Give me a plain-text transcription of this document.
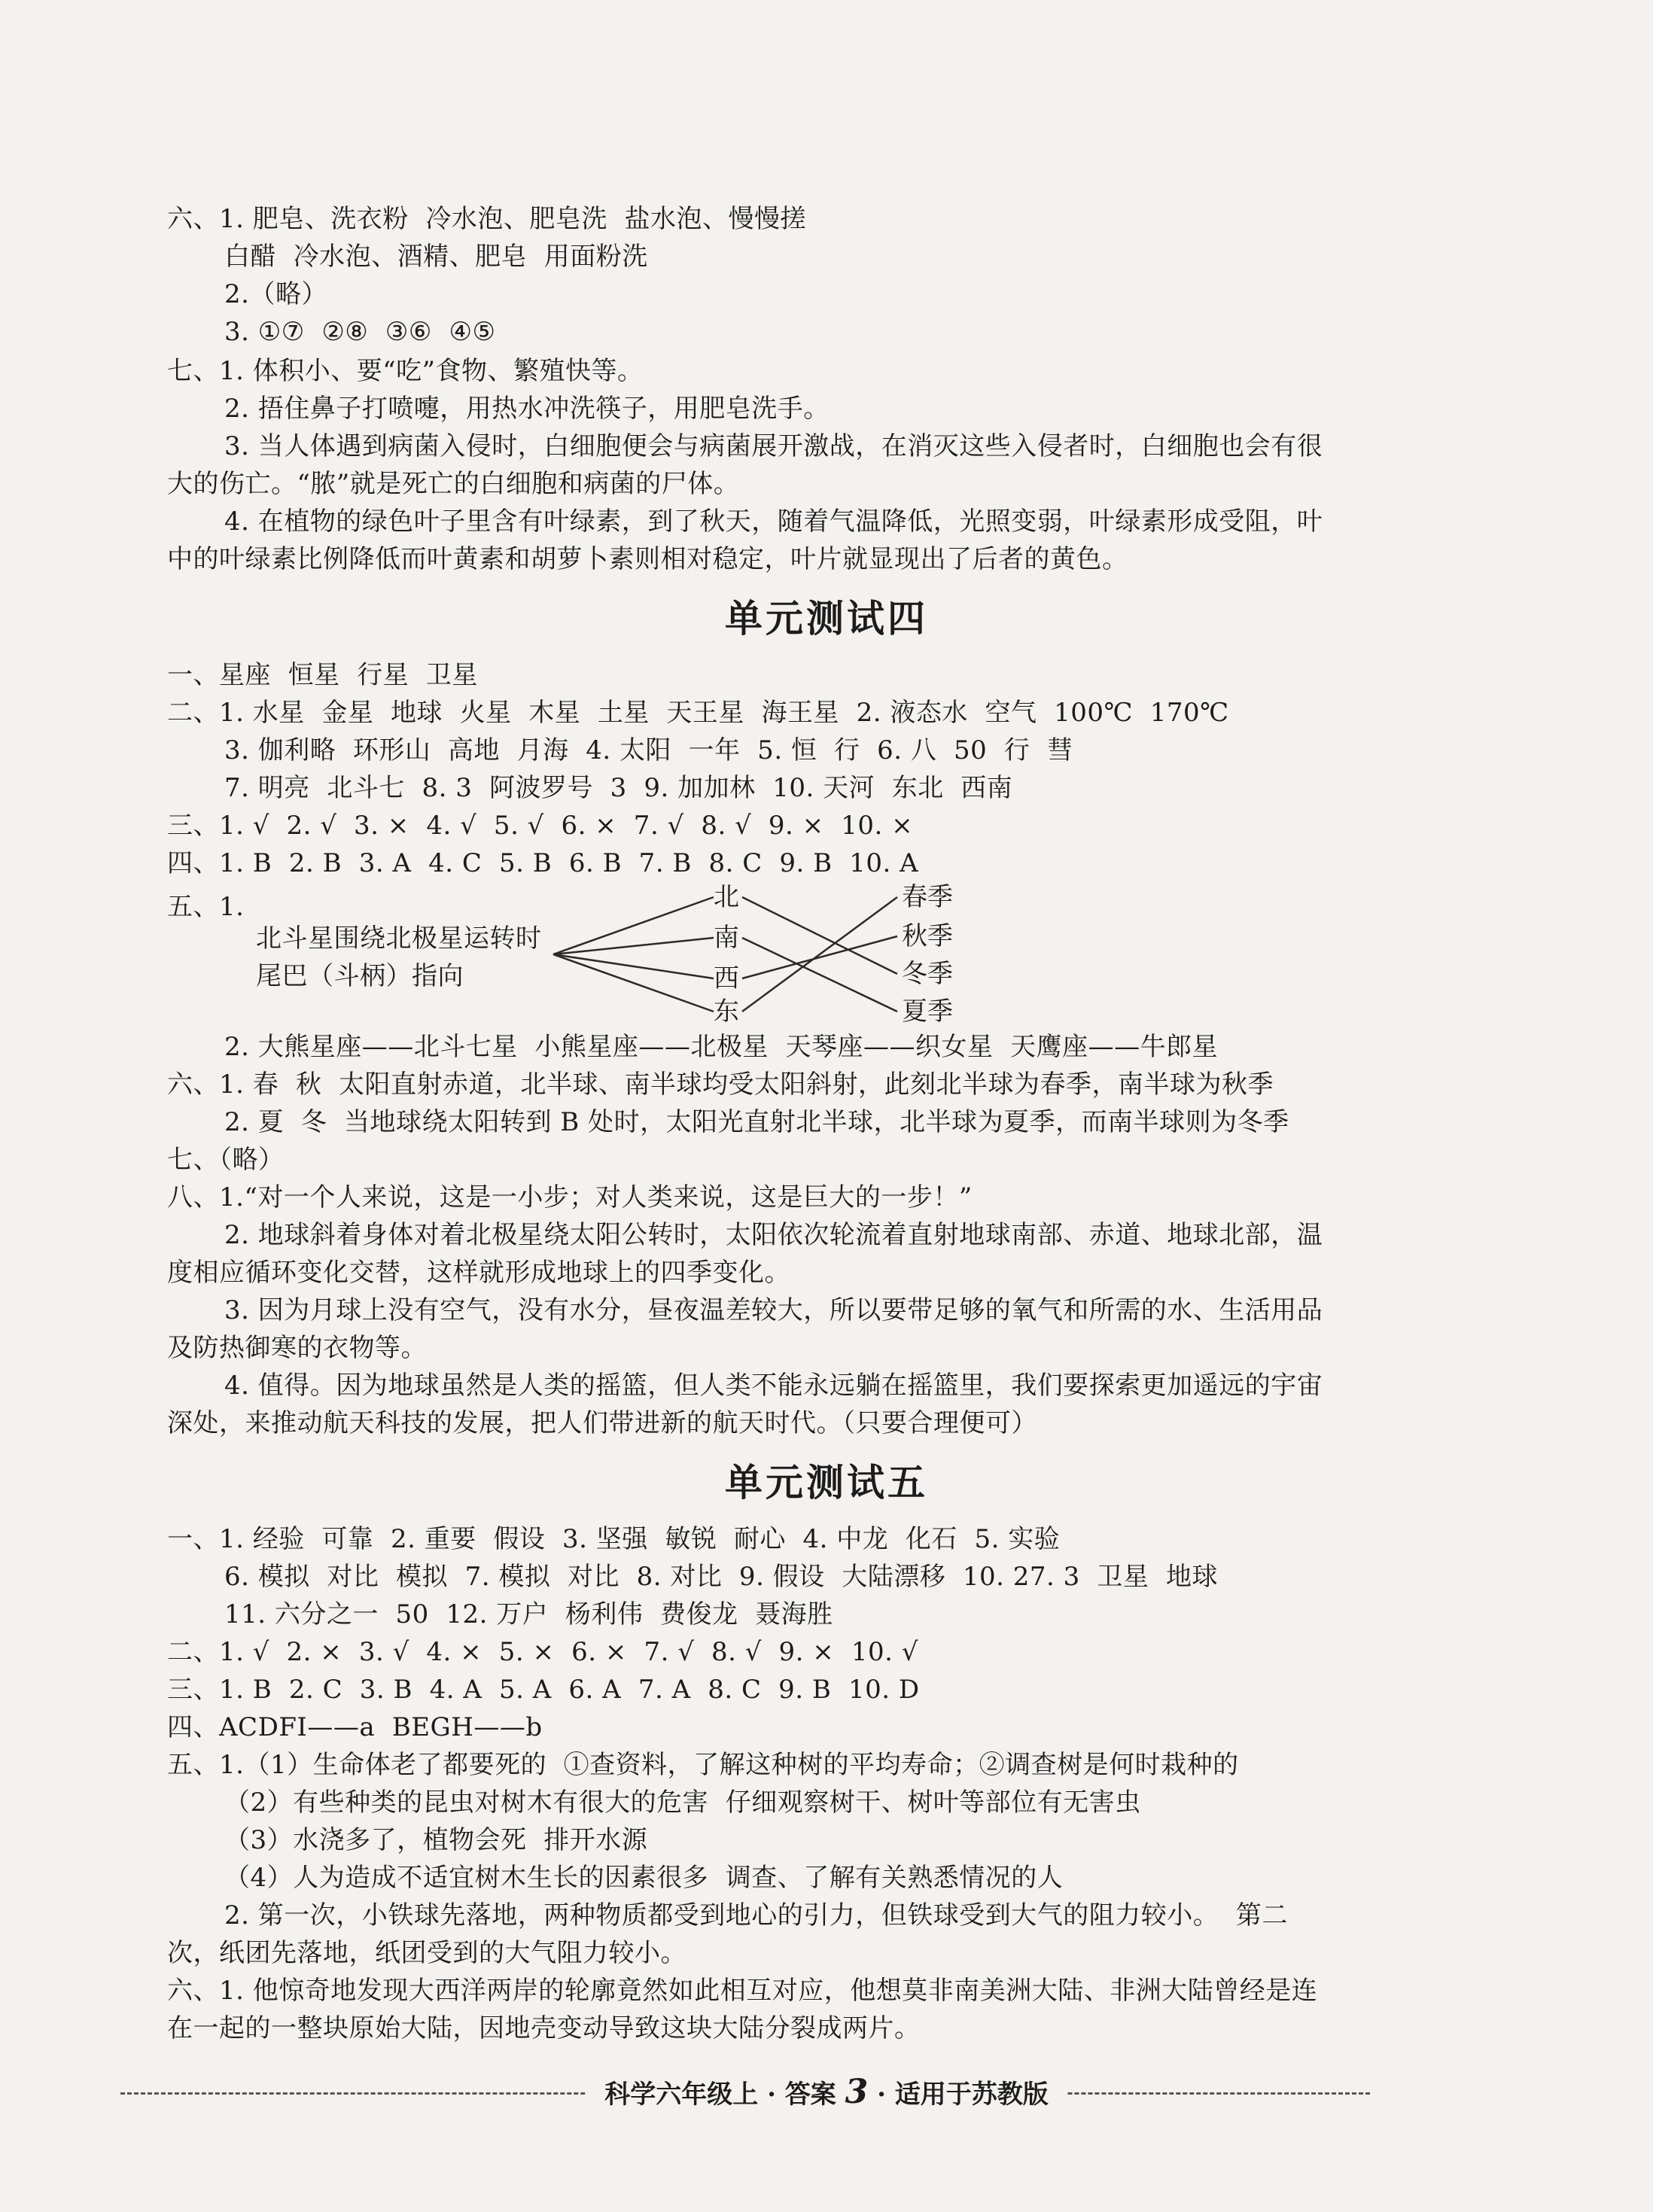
六、1. 肥皂、洗衣粉  冷水泡、肥皂洗  盐水泡、慢慢搓
白醋  冷水泡、酒精、肥皂  用面粉洗
2.（略）
3. ①⑦  ②⑧  ③⑥  ④⑤
七、1. 体积小、要“吃”食物、繁殖快等。
2. 捂住鼻子打喷嚏，用热水冲洗筷子，用肥皂洗手。
3. 当人体遇到病菌入侵时，白细胞便会与病菌展开激战，在消灭这些入侵者时，白细胞也会有很
大的伤亡。“脓”就是死亡的白细胞和病菌的尸体。
4. 在植物的绿色叶子里含有叶绿素，到了秋天，随着气温降低，光照变弱，叶绿素形成受阻，叶
中的叶绿素比例降低而叶黄素和胡萝卜素则相对稳定，叶片就显现出了后者的黄色。
单元测试四
一、星座  恒星  行星  卫星
二、1. 水星  金星  地球  火星  木星  土星  天王星  海王星  2. 液态水  空气  100℃  170℃
3. 伽利略  环形山  高地  月海  4. 太阳  一年  5. 恒  行  6. 八  50  行  彗
7. 明亮  北斗七  8. 3  阿波罗号  3  9. 加加林  10. 天河  东北  西南
三、1. √  2. √  3. ×  4. √  5. √  6. ×  7. √  8. √  9. ×  10. ×
四、1. B  2. B  3. A  4. C  5. B  6. B  7. B  8. C  9. B  10. A
五、1.
北斗星围绕北极星运转时
尾巴（斗柄）指向
北
南
西
东
春季
秋季
冬季
夏季
2. 大熊星座——北斗七星  小熊星座——北极星  天琴座——织女星  天鹰座——牛郎星
六、1. 春  秋  太阳直射赤道，北半球、南半球均受太阳斜射，此刻北半球为春季，南半球为秋季
2. 夏  冬  当地球绕太阳转到 B 处时，太阳光直射北半球，北半球为夏季，而南半球则为冬季
七、（略）
八、1.“对一个人来说，这是一小步；对人类来说，这是巨大的一步！”
2. 地球斜着身体对着北极星绕太阳公转时，太阳依次轮流着直射地球南部、赤道、地球北部，温
度相应循环变化交替，这样就形成地球上的四季变化。
3. 因为月球上没有空气，没有水分，昼夜温差较大，所以要带足够的氧气和所需的水、生活用品
及防热御寒的衣物等。
4. 值得。因为地球虽然是人类的摇篮，但人类不能永远躺在摇篮里，我们要探索更加遥远的宇宙
深处，来推动航天科技的发展，把人们带进新的航天时代。（只要合理便可）
单元测试五
一、1. 经验  可靠  2. 重要  假设  3. 坚强  敏锐  耐心  4. 中龙  化石  5. 实验
6. 模拟  对比  模拟  7. 模拟  对比  8. 对比  9. 假设  大陆漂移  10. 27. 3  卫星  地球
11. 六分之一  50  12. 万户  杨利伟  费俊龙  聂海胜
二、1. √  2. ×  3. √  4. ×  5. ×  6. ×  7. √  8. √  9. ×  10. √
三、1. B  2. C  3. B  4. A  5. A  6. A  7. A  8. C  9. B  10. D
四、ACDFI——a  BEGH——b
五、1.（1）生命体老了都要死的  ①查资料，了解这种树的平均寿命；②调查树是何时栽种的
（2）有些种类的昆虫对树木有很大的危害  仔细观察树干、树叶等部位有无害虫
（3）水浇多了，植物会死  排开水源
（4）人为造成不适宜树木生长的因素很多  调查、了解有关熟悉情况的人
2. 第一次，小铁球先落地，两种物质都受到地心的引力，但铁球受到大气的阻力较小。  第二
次，纸团先落地，纸团受到的大气阻力较小。
六、1. 他惊奇地发现大西洋两岸的轮廓竟然如此相互对应，他想莫非南美洲大陆、非洲大陆曾经是连
在一起的一整块原始大陆，因地壳变动导致这块大陆分裂成两片。
科学六年级上 · 答案 3 · 适用于苏教版
